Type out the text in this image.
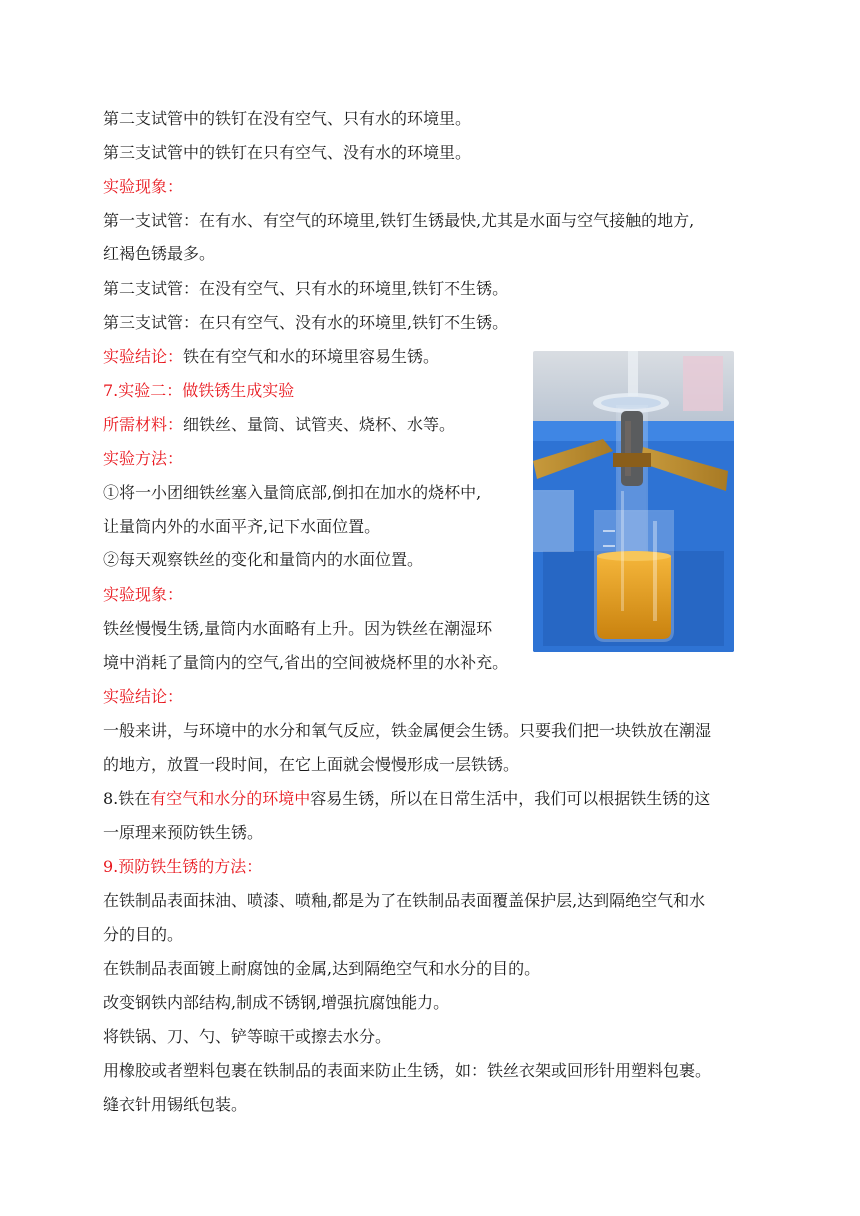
第二支试管中的铁钉在没有空气、只有水的环境里。
第三支试管中的铁钉在只有空气、没有水的环境里。
实验现象：
第一支试管：在有水、有空气的环境里,铁钉生锈最快,尤其是水面与空气接触的地方,
红褐色锈最多。
第二支试管：在没有空气、只有水的环境里,铁钉不生锈。
第三支试管：在只有空气、没有水的环境里,铁钉不生锈。
实验结论：铁在有空气和水的环境里容易生锈。
7.实验二：做铁锈生成实验
所需材料：细铁丝、量筒、试管夹、烧杯、水等。
实验方法：
①将一小团细铁丝塞入量筒底部,倒扣在加水的烧杯中,
让量筒内外的水面平齐,记下水面位置。
②每天观察铁丝的变化和量筒内的水面位置。
实验现象：
铁丝慢慢生锈,量筒内水面略有上升。因为铁丝在潮湿环
境中消耗了量筒内的空气,省出的空间被烧杯里的水补充。
实验结论：
一般来讲，与环境中的水分和氧气反应，铁金属便会生锈。只要我们把一块铁放在潮湿
的地方，放置一段时间，在它上面就会慢慢形成一层铁锈。
8.铁在有空气和水分的环境中容易生锈，所以在日常生活中，我们可以根据铁生锈的这
一原理来预防铁生锈。
9.预防铁生锈的方法：
在铁制品表面抹油、喷漆、喷釉,都是为了在铁制品表面覆盖保护层,达到隔绝空气和水
分的目的。
在铁制品表面镀上耐腐蚀的金属,达到隔绝空气和水分的目的。
改变钢铁内部结构,制成不锈钢,增强抗腐蚀能力。
将铁锅、刀、勺、铲等晾干或擦去水分。
用橡胶或者塑料包裹在铁制品的表面来防止生锈，如：铁丝衣架或回形针用塑料包裹。
缝衣针用锡纸包装。
